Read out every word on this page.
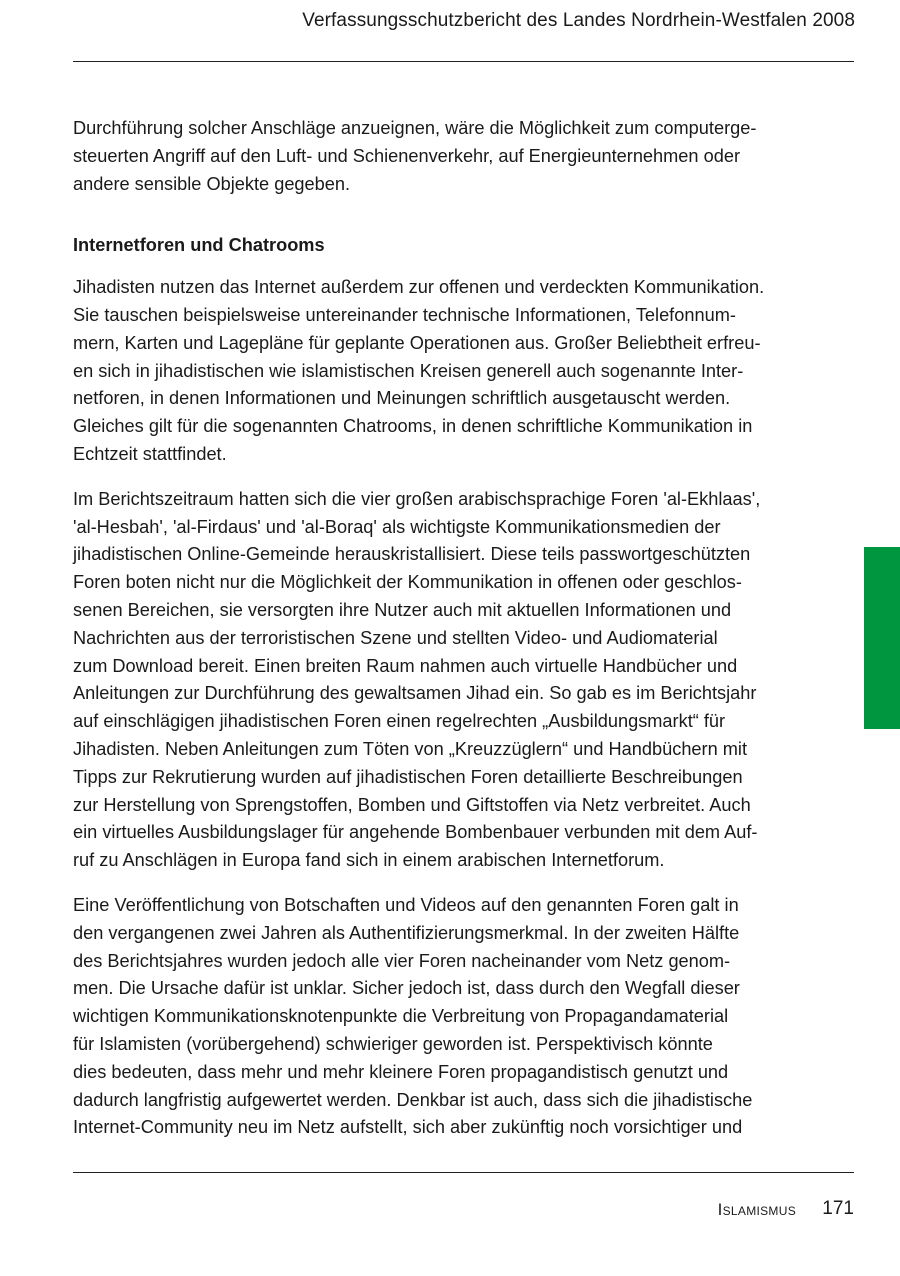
Verfassungsschutzbericht des Landes Nordrhein-Westfalen 2008

Durchführung solcher Anschläge anzueignen, wäre die Möglichkeit zum computerge-
steuerten Angriff auf den Luft- und Schienenverkehr, auf Energieunternehmen oder
andere sensible Objekte gegeben.

Internetforen und Chatrooms

Jihadisten nutzen das Internet außerdem zur offenen und verdeckten Kommunikation.
Sie tauschen beispielsweise untereinander technische Informationen, Telefonnum-
mern, Karten und Lagepläne für geplante Operationen aus. Großer Beliebtheit erfreu-
en sich in jihadistischen wie islamistischen Kreisen generell auch sogenannte Inter-
netforen, in denen Informationen und Meinungen schriftlich ausgetauscht werden.
Gleiches gilt für die sogenannten Chatrooms, in denen schriftliche Kommunikation in
Echtzeit stattfindet.

Im Berichtszeitraum hatten sich die vier großen arabischsprachige Foren 'al-Ekhlaas',
'al-Hesbah', 'al-Firdaus' und 'al-Boraq' als wichtigste Kommunikationsmedien der
jihadistischen Online-Gemeinde herauskristallisiert. Diese teils passwortgeschützten
Foren boten nicht nur die Möglichkeit der Kommunikation in offenen oder geschlos-
senen Bereichen, sie versorgten ihre Nutzer auch mit aktuellen Informationen und
Nachrichten aus der terroristischen Szene und stellten Video- und Audiomaterial
zum Download bereit. Einen breiten Raum nahmen auch virtuelle Handbücher und
Anleitungen zur Durchführung des gewaltsamen Jihad ein. So gab es im Berichtsjahr
auf einschlägigen jihadistischen Foren einen regelrechten „Ausbildungsmarkt“ für
Jihadisten. Neben Anleitungen zum Töten von „Kreuzzüglern“ und Handbüchern mit
Tipps zur Rekrutierung wurden auf jihadistischen Foren detaillierte Beschreibungen
zur Herstellung von Sprengstoffen, Bomben und Giftstoffen via Netz verbreitet. Auch
ein virtuelles Ausbildungslager für angehende Bombenbauer verbunden mit dem Auf-
ruf zu Anschlägen in Europa fand sich in einem arabischen Internetforum.

Eine Veröffentlichung von Botschaften und Videos auf den genannten Foren galt in
den vergangenen zwei Jahren als Authentifizierungsmerkmal. In der zweiten Hälfte
des Berichtsjahres wurden jedoch alle vier Foren nacheinander vom Netz genom-
men. Die Ursache dafür ist unklar. Sicher jedoch ist, dass durch den Wegfall dieser
wichtigen Kommunikationsknotenpunkte die Verbreitung von Propagandamaterial
für Islamisten (vorübergehend) schwieriger geworden ist. Perspektivisch könnte
dies bedeuten, dass mehr und mehr kleinere Foren propagandistisch genutzt und
dadurch langfristig aufgewertet werden. Denkbar ist auch, dass sich die jihadistische
Internet-Community neu im Netz aufstellt, sich aber zukünftig noch vorsichtiger und

Islamismus 171
